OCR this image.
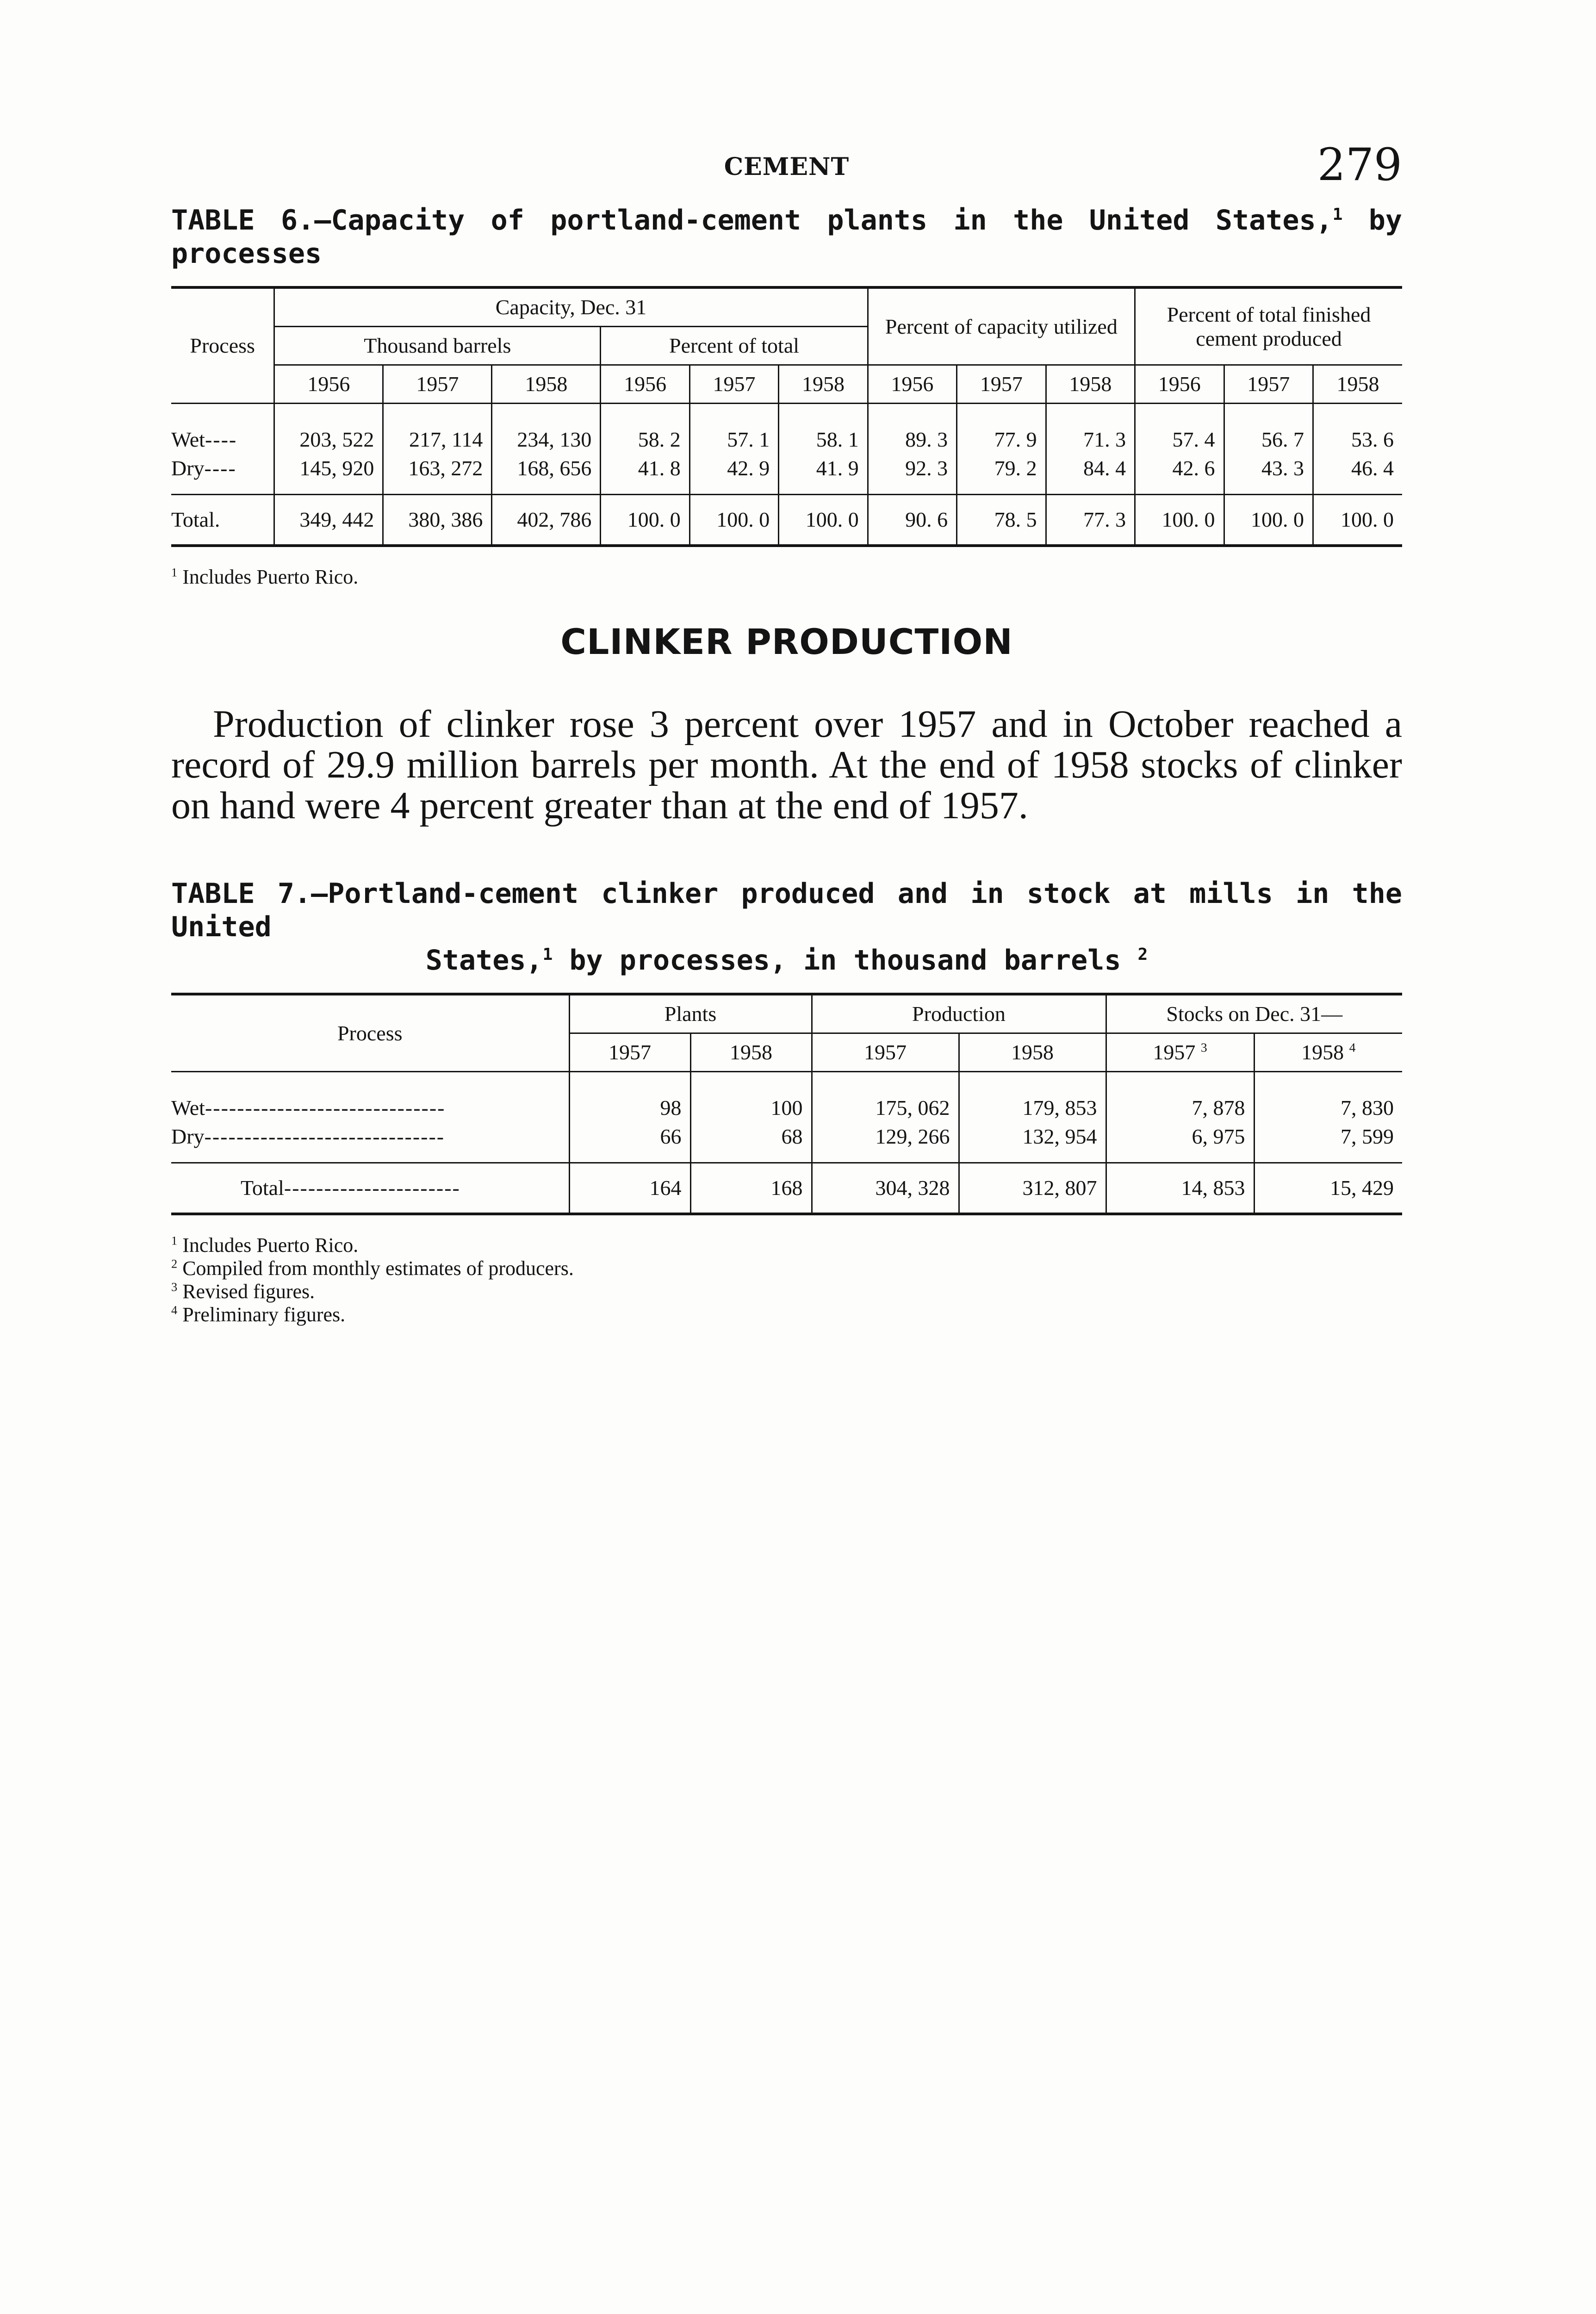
CEMENT	279
TABLE 6.—Capacity of portland-cement plants in the United States,$^1$ by processes
Process	Capacity, Dec. 31						Percent of capacity utilized			Percent of total finished cement produced		
	Thousand barrels			Percent of total								
	1956	1957	1958	1956	1957	1958	1956	1957	1958	1956	1957	1958
Wet----	203, 522	217, 114	234, 130	58. 2	57. 1	58. 1	89. 3	77. 9	71. 3	57. 4	56. 7	53. 6
Dry----	145, 920	163, 272	168, 656	41. 8	42. 9	41. 9	92. 3	79. 2	84. 4	42. 6	43. 3	46. 4
Total.	349, 442	380, 386	402, 786	100. 0	100. 0	100. 0	90. 6	78. 5	77. 3	100. 0	100. 0	100. 0
$^1$ Includes Puerto Rico.
CLINKER PRODUCTION
Production of clinker rose 3 percent over 1957 and in October reached a record of 29.9 million barrels per month. At the end of 1958 stocks of clinker on hand were 4 percent greater than at the end of 1957.
TABLE 7.—Portland-cement clinker produced and in stock at mills in the United
States,$^1$ by processes, in thousand barrels $^2$
Process	Plants		Production		Stocks on Dec. 31—	
	1957	1958	1957	1958	1957 $^3$	1958 $^4$
Wet------------------------------	98	100	175, 062	179, 853	7, 878	7, 830
Dry------------------------------	66	68	129, 266	132, 954	6, 975	7, 599
Total----------------------	164	168	304, 328	312, 807	14, 853	15, 429
$^1$ Includes Puerto Rico.
$^2$ Compiled from monthly estimates of producers.
$^3$ Revised figures.
$^4$ Preliminary figures.
